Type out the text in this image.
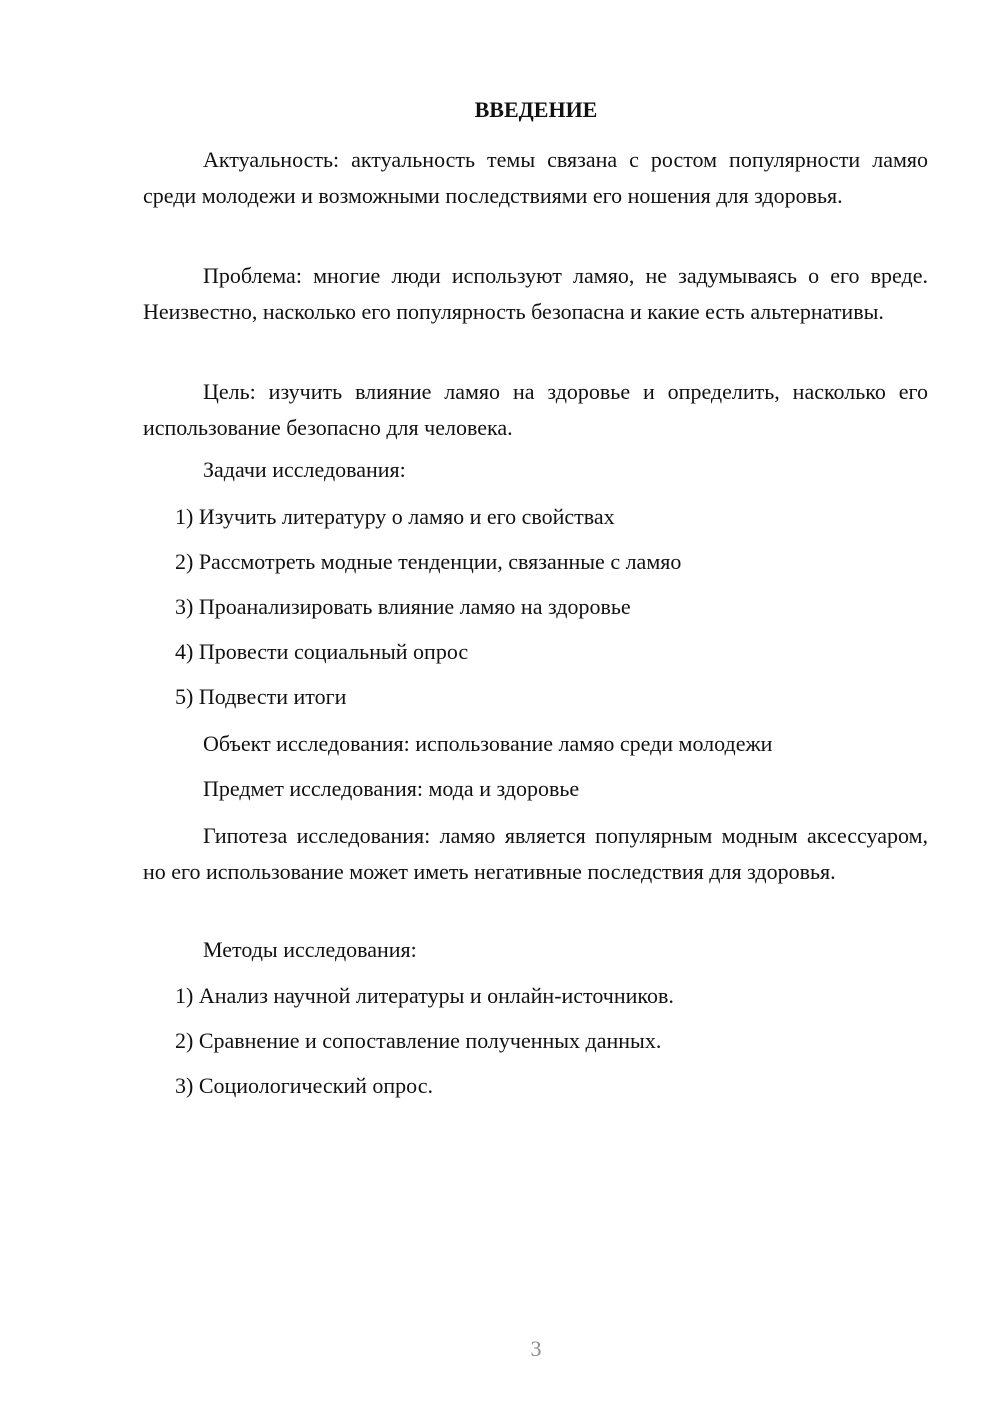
ВВЕДЕНИЕ

Актуальность: актуальность темы связана с ростом популярности ламяо среди молодежи и возможными последствиями его ношения для здоровья.

Проблема: многие люди используют ламяо, не задумываясь о его вреде. Неизвестно, насколько его популярность безопасна и какие есть альтернативы.

Цель: изучить влияние ламяо на здоровье и определить, насколько его использование безопасно для человека.

Задачи исследования:

1) Изучить литературу о ламяо и его свойствах

2) Рассмотреть модные тенденции, связанные с ламяо

3) Проанализировать влияние ламяо на здоровье

4) Провести социальный опрос

5) Подвести итоги

Объект исследования: использование ламяо среди молодежи

Предмет исследования: мода и здоровье

Гипотеза исследования: ламяо является популярным модным аксессуаром, но его использование может иметь негативные последствия для здоровья.

Методы исследования:

1) Анализ научной литературы и онлайн-источников.

2) Сравнение и сопоставление полученных данных.

3) Социологический опрос.

3
